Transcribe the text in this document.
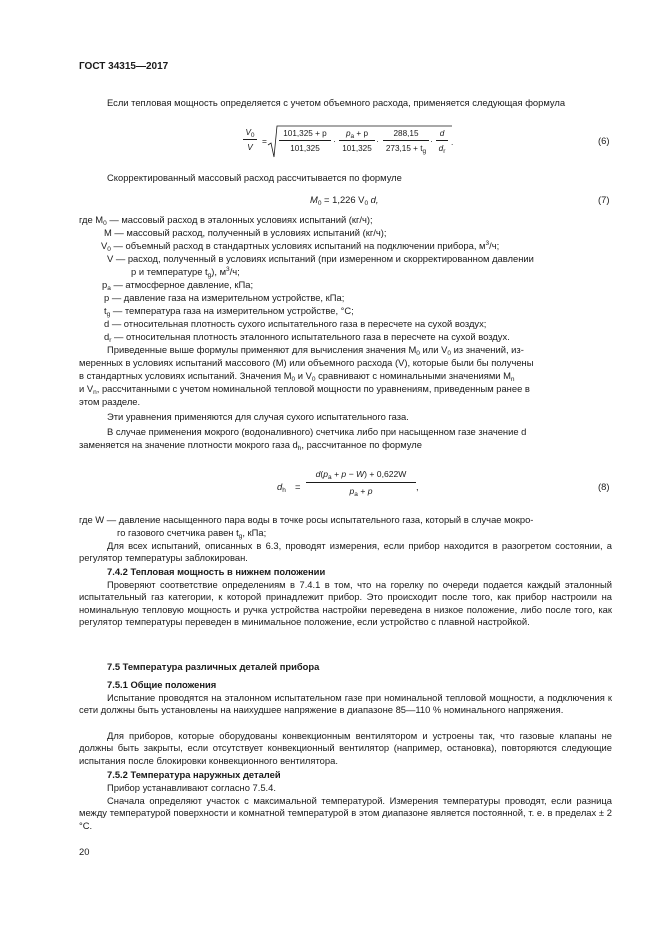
ГОСТ 34315—2017
Если тепловая мощность определяется с учетом объемного расхода, применяется следующая формула
$V_0$
V
=
101,325 + p
101,325
·
$p_a + p$
101,325
·
288,15
$273,15 + t_g$
·
d
$d_r$
.	(6)
Скорректированный массовый расход рассчитывается по формуле
$M_0 = 1,226$ $V_0$ d,	(7)
где $M_0$ — массовый расход в эталонных условиях испытаний (кг/ч);
M — массовый расход, полученный в условиях испытаний (кг/ч);
$V_0$ — объемный расход в стандартных условиях испытаний на подключении прибора, $м^3/ч$;
V — расход, полученный в условиях испытаний (при измеренном и скорректированном давлении
p и температуре $t_g$), $м^3/ч$;
$p_a$ — атмосферное давление, кПа;
p — давление газа на измерительном устройстве, кПа;
$t_g$ — температура газа на измерительном устройстве, °С;
d — относительная плотность сухого испытательного газа в пересчете на сухой воздух;
$d_r$ — относительная плотность эталонного испытательного газа в пересчете на сухой воздух.
Приведенные выше формулы применяют для вычисления значения $M_0$ или $V_0$ из значений, из-
меренных в условиях испытаний массового (M) или объемного расхода (V), которые были бы получены
в стандартных условиях испытаний. Значения $M_0$ и $V_0$ сравнивают с номинальными значениями $M_n$
и $V_n$, рассчитанными с учетом номинальной тепловой мощности по уравнениям, приведенным ранее в
этом разделе.
Эти уравнения применяются для случая сухого испытательного газа.
В случае применения мокрого (водоналивного) счетчика либо при насыщенном газе значение d
заменяется на значение плотности мокрого газа $d_h$, рассчитанное по формуле
$d_h$ =
$d(p_a + p - W) + 0,622W$
$p_a + p$	,	(8)
где W — давление насыщенного пара воды в точке росы испытательного газа, который в случае мокро-
го газового счетчика равен $t_g$, кПа;
Для всех испытаний, описанных в 6.3, проводят измерения, если прибор находится в разогретом состоянии, а регулятор температуры заблокирован.
7.4.2 Тепловая мощность в нижнем положении
Проверяют соответствие определениям в 7.4.1 в том, что на горелку по очереди подается каждый эталонный испытательный газ категории, к которой принадлежит прибор. Это происходит после того, как прибор настроили на номинальную тепловую мощность и ручка устройства настройки переведена в низкое положение, либо после того, как регулятор температуры переведен в минимальное положение, если устройство с плавной настройкой.
7.5 Температура различных деталей прибора
7.5.1 Общие положения
Испытание проводятся на эталонном испытательном газе при номинальной тепловой мощности, а подключения к сети должны быть установлены на наихудшее напряжение в диапазоне 85—110 % номинального напряжения.
Для приборов, которые оборудованы конвекционным вентилятором и устроены так, что газовые клапаны не должны быть закрыты, если отсутствует конвекционный вентилятор (например, остановка), повторяются следующие испытания после блокировки конвекционного вентилятора.
7.5.2 Температура наружных деталей
Прибор устанавливают согласно 7.5.4.
Сначала определяют участок с максимальной температурой. Измерения температуры проводят, если разница между температурой поверхности и комнатной температурой в этом диапазоне является постоянной, т. е. в пределах ± 2 °С.
20
